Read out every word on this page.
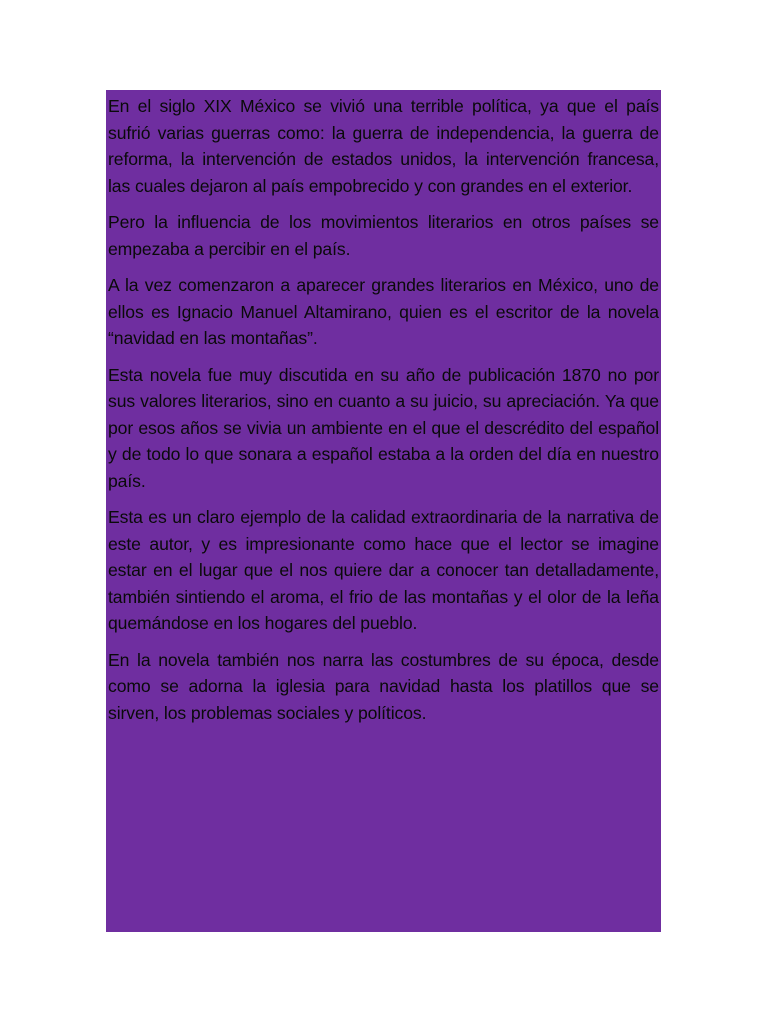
En el siglo XIX México se vivió una terrible política, ya que el país sufrió varias guerras como: la guerra de independencia, la guerra de reforma, la intervención de estados unidos, la intervención francesa, las cuales dejaron al país empobrecido y con grandes en el exterior.

Pero la influencia de los movimientos literarios en otros países se empezaba a percibir en el país.

A la vez comenzaron a aparecer grandes literarios en México, uno de ellos es Ignacio Manuel Altamirano, quien es el escritor de la novela “navidad en las montañas”.

Esta novela fue muy discutida en su año de publicación 1870 no por sus valores literarios, sino en cuanto a su juicio, su apreciación. Ya que por esos años se vivia un ambiente en el que el descrédito del español y de todo lo que sonara a español estaba a la orden del día en nuestro país.

Esta es un claro ejemplo de la calidad extraordinaria de la narrativa de este autor, y es impresionante como hace que el lector se imagine estar en el lugar que el nos quiere dar a conocer tan detalladamente, también sintiendo el aroma, el frio de las montañas y el olor de la leña quemándose en los hogares del pueblo.

En la novela también nos narra las costumbres de su época, desde como se adorna la iglesia para navidad hasta los platillos que se sirven, los problemas sociales y políticos.
